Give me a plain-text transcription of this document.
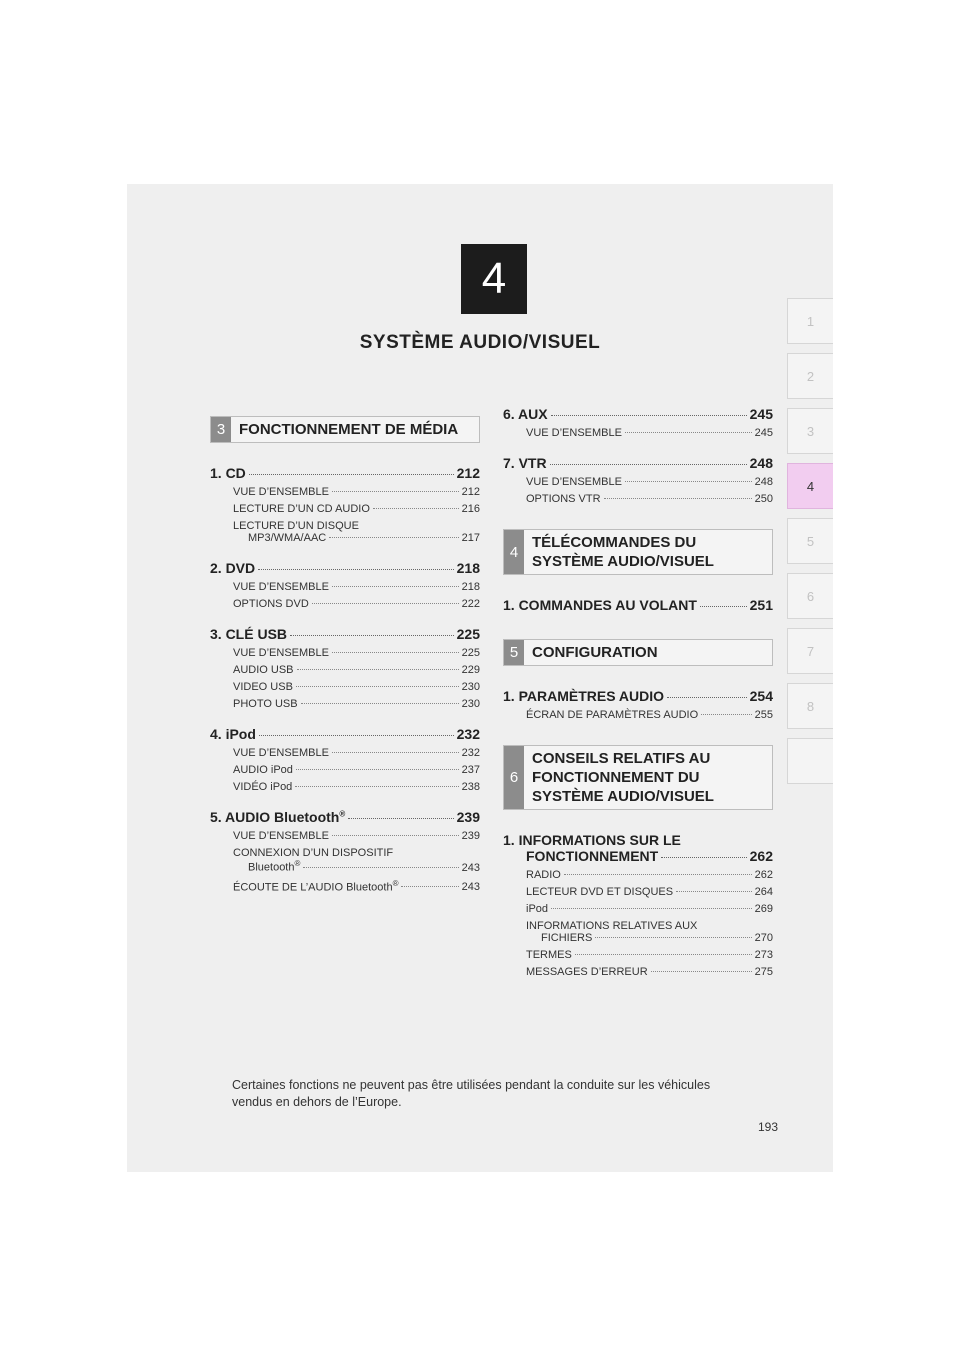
4
SYSTÈME AUDIO/VISUEL
1
2
3
4
5
6
7
8
3 FONCTIONNEMENT DE MÉDIA
1. CD	212
VUE D’ENSEMBLE	212
LECTURE D’UN CD AUDIO	216
LECTURE D’UN DISQUE
MP3/WMA/AAC	217
2. DVD	218
VUE D’ENSEMBLE	218
OPTIONS DVD	222
3. CLÉ USB	225
VUE D’ENSEMBLE	225
AUDIO USB	229
VIDEO USB	230
PHOTO USB	230
4. iPod	232
VUE D’ENSEMBLE	232
AUDIO iPod	237
VIDÉO iPod	238
5. AUDIO Bluetooth®	239
VUE D’ENSEMBLE	239
CONNEXION D’UN DISPOSITIF
Bluetooth®	243
ÉCOUTE DE L’AUDIO Bluetooth®	243
6. AUX	245
VUE D’ENSEMBLE	245
7. VTR	248
VUE D’ENSEMBLE	248
OPTIONS VTR	250
4
TÉLÉCOMMANDES DU SYSTÈME AUDIO/VISUEL
1. COMMANDES AU VOLANT	251
5 CONFIGURATION
1. PARAMÈTRES AUDIO	254
ÉCRAN DE PARAMÈTRES AUDIO	255
6
CONSEILS RELATIFS AU FONCTIONNEMENT DU SYSTÈME AUDIO/VISUEL
1. INFORMATIONS SUR LE
FONCTIONNEMENT	262
RADIO	262
LECTEUR DVD ET DISQUES	264
iPod	269
INFORMATIONS RELATIVES AUX
FICHIERS	270
TERMES	273
MESSAGES D’ERREUR	275
Certaines fonctions ne peuvent pas être utilisées pendant la conduite sur les véhicules vendus en dehors de l’Europe.
193
